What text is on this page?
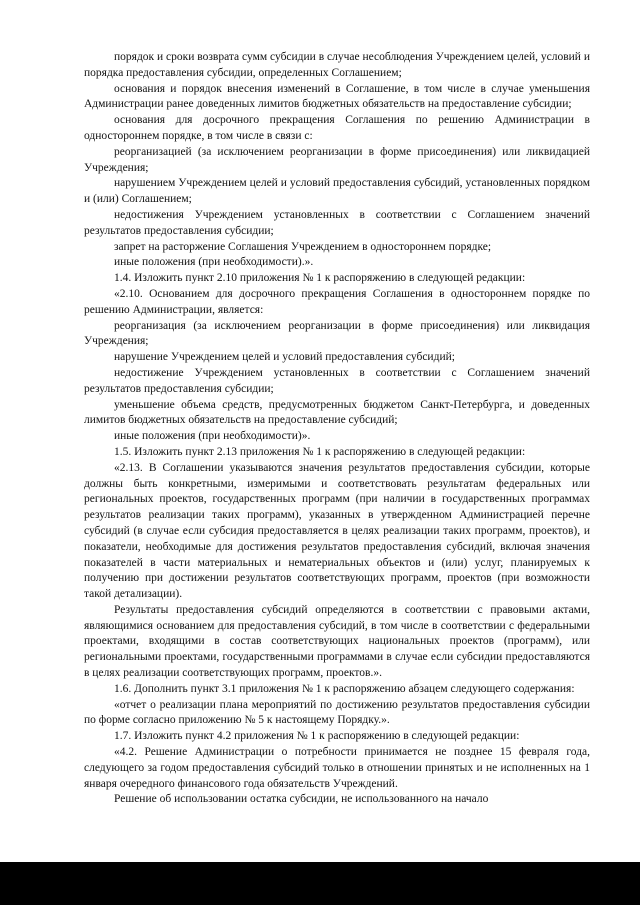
порядок и сроки возврата сумм субсидии в случае несоблюдения Учреждением целей, условий и порядка предоставления субсидии, определенных Соглашением;

основания и порядок внесения изменений в Соглашение, в том числе в случае уменьшения Администрации ранее доведенных лимитов бюджетных обязательств на предоставление субсидии;

основания для досрочного прекращения Соглашения по решению Администрации в одностороннем порядке, в том числе в связи с:

реорганизацией (за исключением реорганизации в форме присоединения) или ликвидацией Учреждения;

нарушением Учреждением целей и условий предоставления субсидий, установленных порядком и (или) Соглашением;

недостижения Учреждением установленных в соответствии с Соглашением значений результатов предоставления субсидии;

запрет на расторжение Соглашения Учреждением в одностороннем порядке;

иные положения (при необходимости).».

1.4. Изложить пункт 2.10 приложения № 1 к распоряжению в следующей редакции:

«2.10. Основанием для досрочного прекращения Соглашения в одностороннем порядке по решению Администрации, является:

реорганизация (за исключением реорганизации в форме присоединения) или ликвидация Учреждения;

нарушение Учреждением целей и условий предоставления субсидий;

недостижение Учреждением установленных в соответствии с Соглашением значений результатов предоставления субсидии;

уменьшение объема средств, предусмотренных бюджетом Санкт-Петербурга, и доведенных лимитов бюджетных обязательств на предоставление субсидий;

иные положения (при необходимости)».

1.5. Изложить пункт 2.13 приложения № 1 к распоряжению в следующей редакции:

«2.13. В Соглашении указываются значения результатов предоставления субсидии, которые должны быть конкретными, измеримыми и соответствовать результатам федеральных или региональных проектов, государственных программ (при наличии в государственных программах результатов реализации таких программ), указанных в утвержденном Администрацией перечне субсидий (в случае если субсидия предоставляется в целях реализации таких программ, проектов), и показатели, необходимые для достижения результатов предоставления субсидий, включая значения показателей в части материальных и нематериальных объектов и (или) услуг, планируемых к получению при достижении результатов соответствующих программ, проектов (при возможности такой детализации).

Результаты предоставления субсидий определяются в соответствии с правовыми актами, являющимися основанием для предоставления субсидий, в том числе в соответствии с федеральными проектами, входящими в состав соответствующих национальных проектов (программ), или региональными проектами, государственными программами в случае если субсидии предоставляются в целях реализации соответствующих программ, проектов.».

1.6. Дополнить пункт 3.1 приложения № 1 к распоряжению абзацем следующего содержания:

«отчет о реализации плана мероприятий по достижению результатов предоставления субсидии по форме согласно приложению № 5 к настоящему Порядку.».

1.7. Изложить пункт 4.2 приложения № 1 к распоряжению в следующей редакции:

«4.2. Решение Администрации о потребности принимается не позднее 15 февраля года, следующего за годом предоставления субсидий только в отношении принятых и не исполненных на 1 января очередного финансового года обязательств Учреждений.

Решение об использовании остатка субсидии, не использованного на начало
